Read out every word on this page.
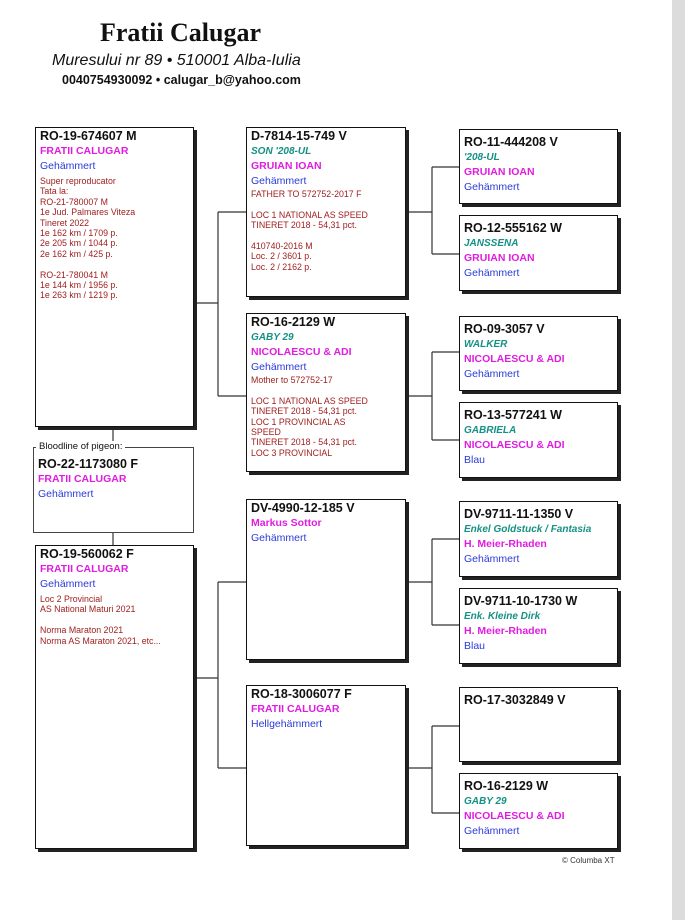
Fratii Calugar
Muresului nr 89 • 510001 Alba-Iulia
0040754930092 • calugar_b@yahoo.com
RO-19-674607 M
FRATII CALUGAR
Gehämmert
Super reproducator
Tata la:
RO-21-780007 M
1e Jud. Palmares Viteza
Tineret 2022
1e 162 km / 1709 p.
2e 205 km / 1044 p.
2e 162 km / 425 p.

RO-21-780041 M
1e 144 km / 1956 p.
1e 263 km / 1219 p.
Bloodline of pigeon:
RO-22-1173080 F
FRATII CALUGAR
Gehämmert
RO-19-560062 F
FRATII CALUGAR
Gehämmert
Loc 2 Provincial
AS National Maturi 2021

Norma Maraton 2021
Norma AS Maraton 2021, etc...
D-7814-15-749 V
SON '208-UL
GRUIAN IOAN
Gehämmert
FATHER TO 572752-2017 F

LOC 1 NATIONAL AS SPEED
TINERET 2018 - 54,31 pct.

410740-2016 M
Loc. 2 / 3601 p.
Loc. 2 / 2162 p.
RO-16-2129 W
GABY 29
NICOLAESCU & ADI
Gehämmert
Mother to 572752-17

LOC 1 NATIONAL AS SPEED
TINERET 2018 - 54,31 pct.
LOC 1 PROVINCIAL AS
SPEED
TINERET 2018 - 54,31 pct.
LOC 3 PROVINCIAL
DV-4990-12-185 V
Markus Sottor
Gehämmert
RO-18-3006077 F
FRATII CALUGAR
Hellgehämmert
RO-11-444208 V
'208-UL
GRUIAN IOAN
Gehämmert
RO-12-555162 W
JANSSENA
GRUIAN IOAN
Gehämmert
RO-09-3057 V
WALKER
NICOLAESCU & ADI
Gehämmert
RO-13-577241 W
GABRIELA
NICOLAESCU & ADI
Blau
DV-9711-11-1350 V
Enkel Goldstuck / Fantasia
H. Meier-Rhaden
Gehämmert
DV-9711-10-1730 W
Enk. Kleine Dirk
H. Meier-Rhaden
Blau
RO-17-3032849 V
RO-16-2129 W
GABY 29
NICOLAESCU & ADI
Gehämmert
© Columba XT
